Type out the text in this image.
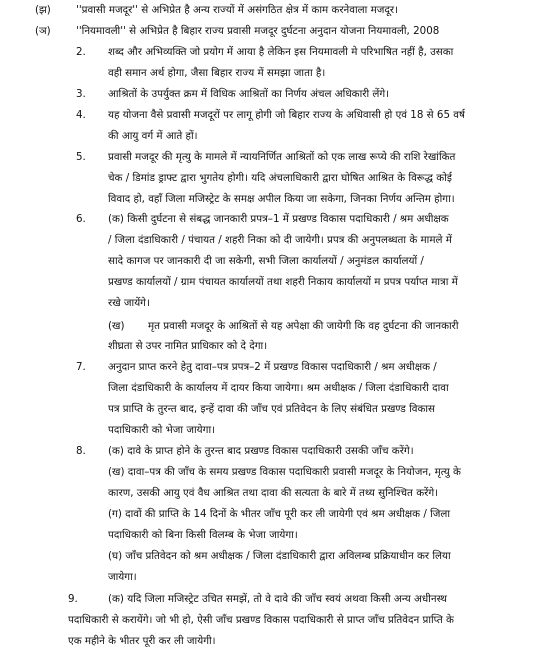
(झ)
(ञ)
2.
3.
4.
5.
6.
(ख)
7.
8.
9.
''प्रवासी मजदूर'' से अभिप्रेत है अन्य राज्यों में असंगठित क्षेत्र में काम करनेवाला मजदूर।
''नियमावली'' से अभिप्रेत है बिहार राज्य प्रवासी मजदूर दुर्घटना अनुदान योजना नियमावली, 2008
शब्द और अभिव्यक्ति जो प्रयोग में आया है लेकिन इस नियमावली मे परिभाषित नहीं है, उसका
वही समान अर्थ होगा, जैसा बिहार राज्य में समझा जाता है।
आश्रितों के उपर्युक्त क्रम में विधिक आश्रितों का निर्णय अंचल अधिकारी लेंगे।
यह योजना वैसे प्रवासी मजदूरों पर लागू होगी जो बिहार राज्य के अधिवासी हो एवं 18 से 65 वर्ष
की आयु वर्ग में आते हों।
प्रवासी मजदूर की मृत्यु के मामले में न्यायनिर्णित आश्रितों को एक लाख रूप्ये की राशि रेखांकित
चेक / डिमांड ड्राफ्ट द्वारा भुगतेय होगी। यदि अंचलाधिकारी द्वारा घोषित आश्रित के विरूद्ध कोई
विवाद हो, वहाँ जिला मजिस्ट्रेट के समक्ष अपील किया जा सकेगा, जिनका निर्णय अन्तिम होगा।
(क) किसी दुर्घटना से संबद्ध जानकारी प्रपत्र–1 में प्रखण्ड विकास पदाधिकारी / श्रम अधीक्षक
/ जिला दंडाधिकारी / पंचायत / शहरी निका को दी जायेगी। प्रपत्र की अनुपलब्धता के मामले में
सादे कागज पर जानकारी दी जा सकेगी, सभी जिला कार्यालयों / अनुमंडल कार्यालयों /
प्रखण्ड कार्यालयों / ग्राम पंचायत कार्यालयों तथा शहरी निकाय कार्यालयों म प्रपत्र पर्याप्त मात्रा में
रखे जायेंगे।
मृत प्रवासी मजदूर के आश्रितों से यह अपेक्षा की जायेगी कि वह दुर्घटना की जानकारी
शीघ्रता से उपर नामित प्राधिकार को दे देगा।
अनुदान प्राप्त करने हेतु दावा–पत्र प्रपत्र–2 में प्रखण्ड विकास पदाधिकारी / श्रम अधीक्षक /
जिला दंडाधिकारी के कार्यालय में दायर किया जायेगा। श्रम अधीक्षक / जिला दंडाधिकारी दावा
पत्र प्राप्ति के तुरन्त बाद, इन्हें दावा की जाँच एवं प्रतिवेदन के लिए संबंधित प्रखण्ड विकास
पदाधिकारी को भेजा जायेगा।
(क) दावे के प्राप्त होने के तुरन्त बाद प्रखण्ड विकास पदाधिकारी उसकी जाँच करेंगे।
(ख) दावा–पत्र की जाँच के समय प्रखण्ड विकास पदाधिकारी प्रवासी मजदूर के नियोजन, मृत्यु के
कारण, उसकी आयु एवं वैध आश्रित तथा दावा की सत्यता के बारे में तथ्य सुनिश्चित करेंगे।
(ग) दावों की प्राप्ति के 14 दिनों के भीतर जाँच पूरी कर ली जायेगी एवं श्रम अधीक्षक / जिला
पदाधिकारी को बिना किसी विलम्ब के भेजा जायेगा।
(घ) जाँच प्रतिवेदन को श्रम अधीक्षक / जिला दंडाधिकारी द्वारा अविलम्ब प्रक्रियाधीन कर लिया
जायेगा।
(क) यदि जिला मजिस्ट्रेट उचित समझें, तो वे दावे की जाँच स्वयं अथवा किसी अन्य अधीनस्थ
पदाधिकारी से करायेंगे। जो भी हो, ऐसी जाँच प्रखण्ड विकास पदाधिकारी से प्राप्त जाँच प्रतिवेदन प्राप्ति के
एक महीने के भीतर पूरी कर ली जायेगी।
